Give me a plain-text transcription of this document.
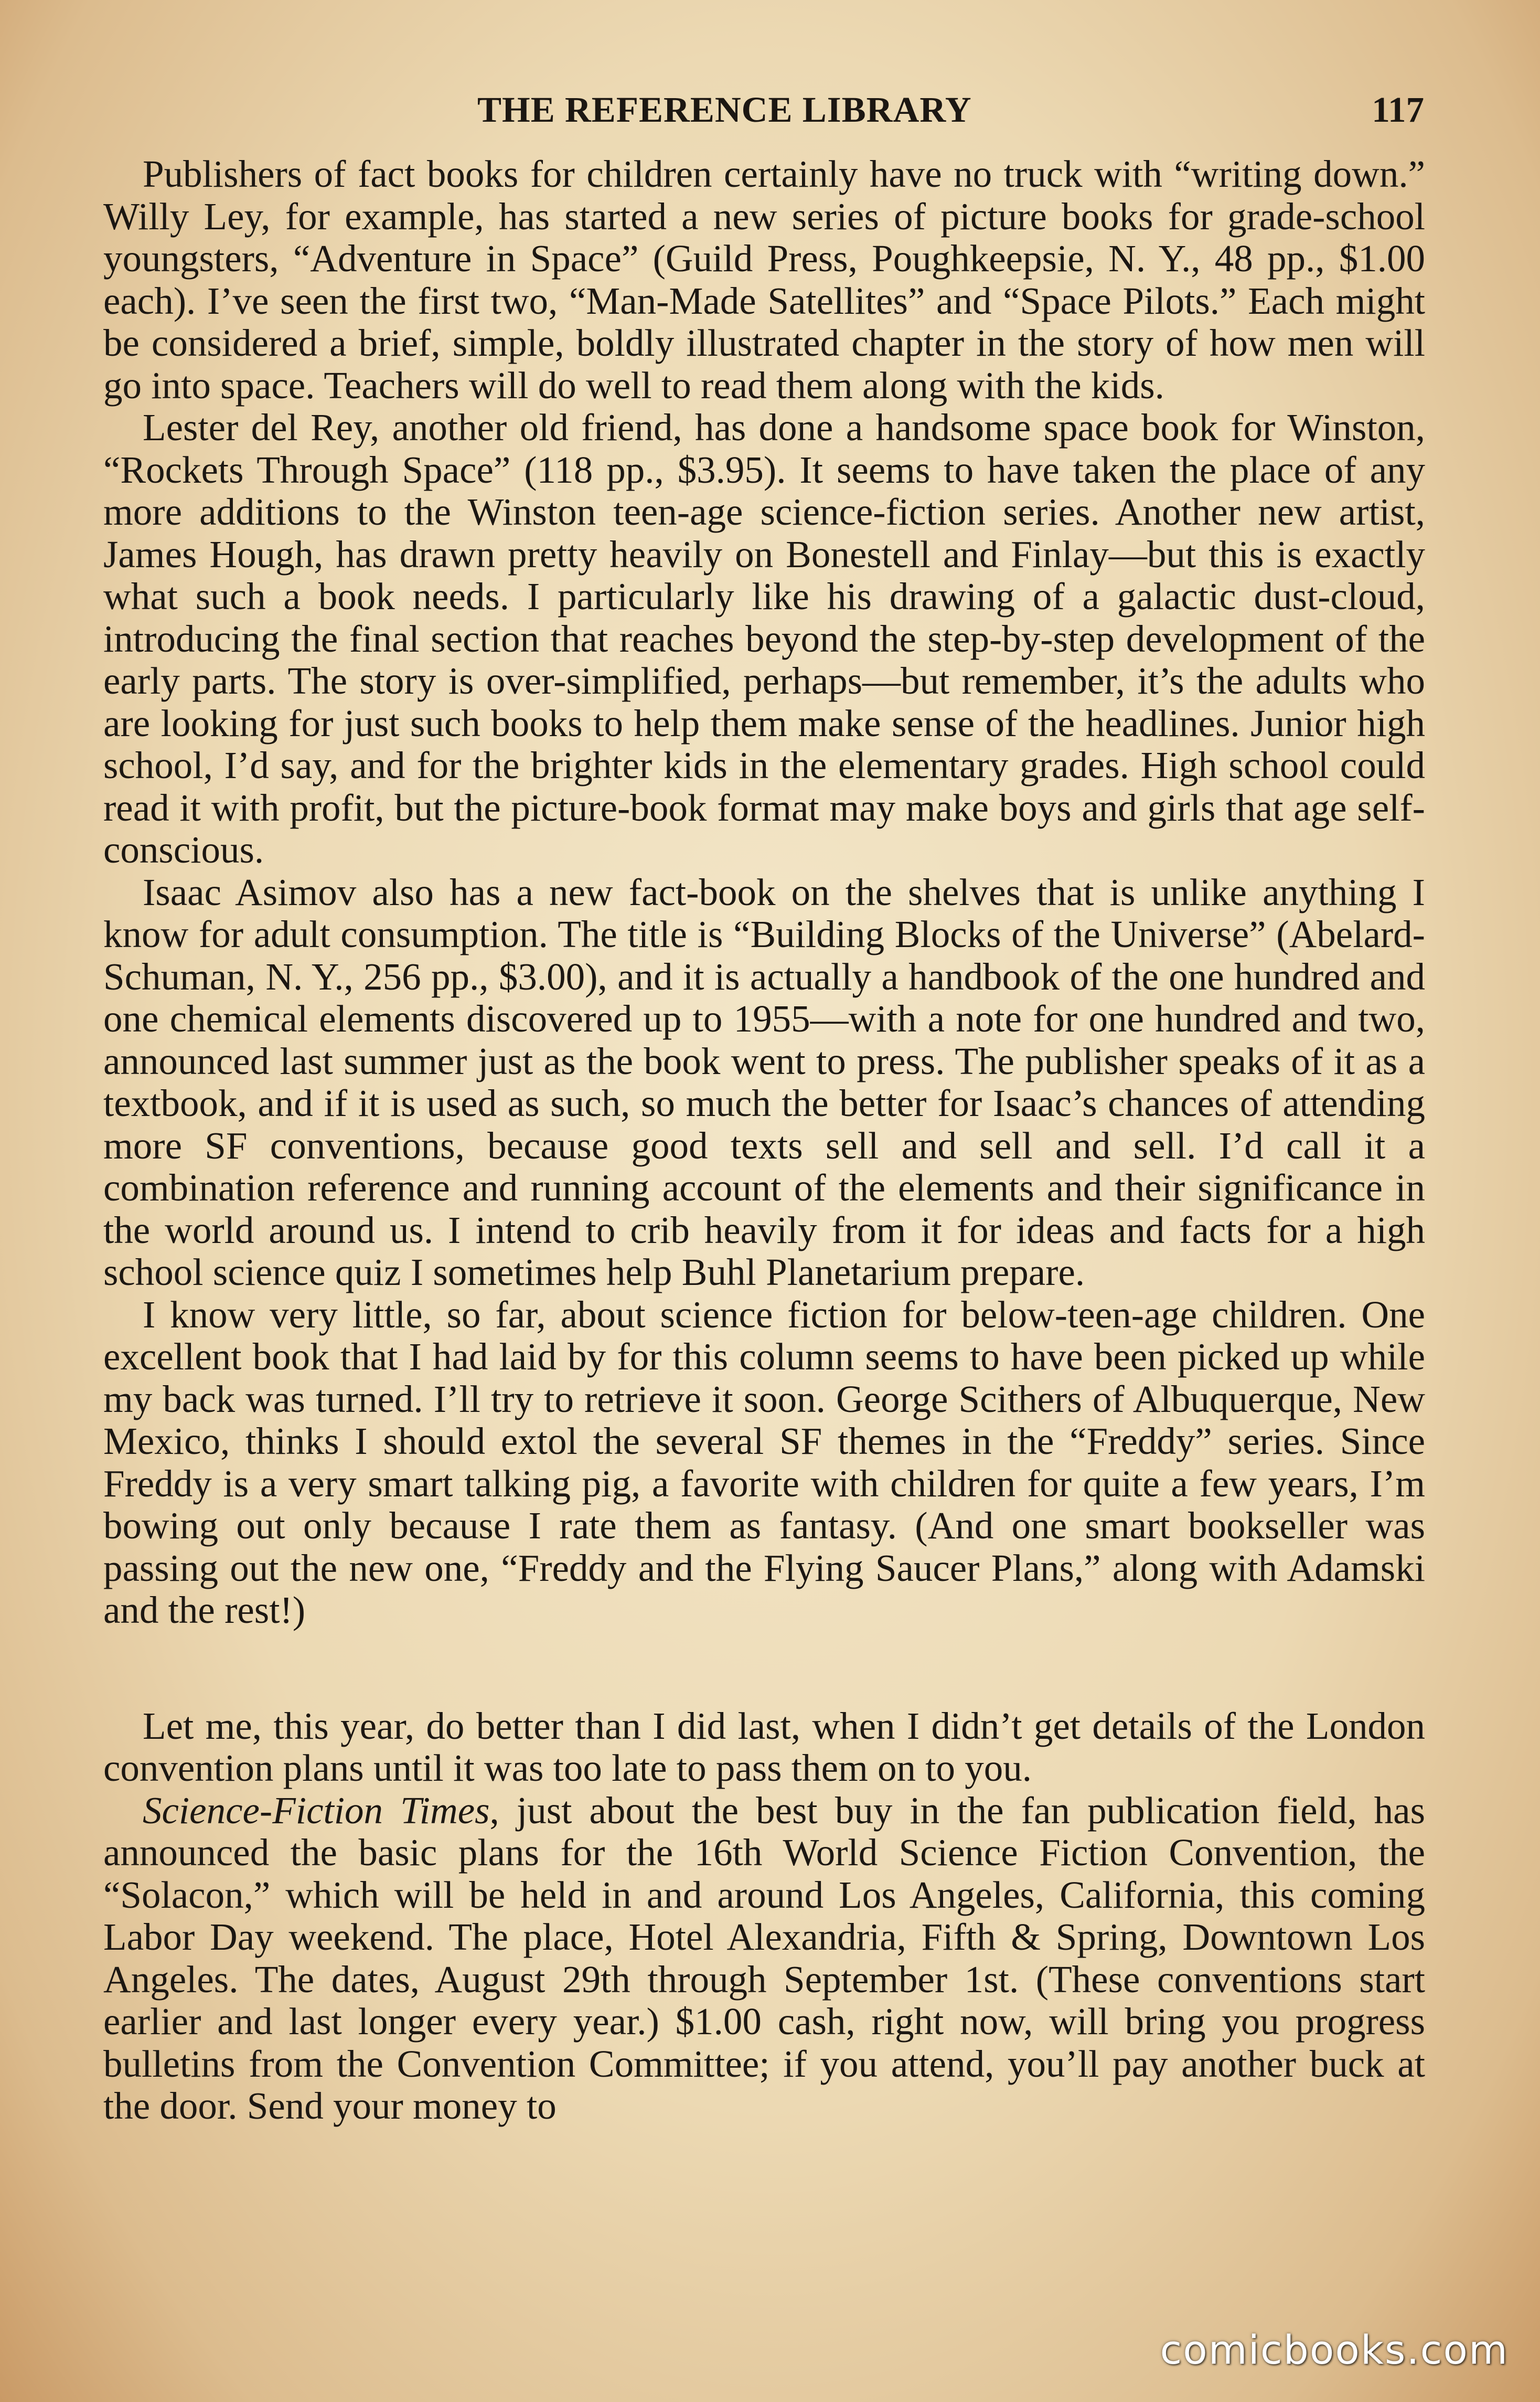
THE REFERENCE LIBRARY	117

Publishers of fact books for children certainly have no truck with “writing down.” Willy Ley, for example, has started a new series of picture books for grade-school youngsters, “Adventure in Space” (Guild Press, Poughkeepsie, N. Y., 48 pp., $1.00 each). I’ve seen the first two, “Man-Made Satellites” and “Space Pilots.” Each might be considered a brief, simple, boldly illustrated chapter in the story of how men will go into space. Teachers will do well to read them along with the kids.

Lester del Rey, another old friend, has done a handsome space book for Winston, “Rockets Through Space” (118 pp., $3.95). It seems to have taken the place of any more additions to the Winston teen-age science-fiction series. Another new artist, James Hough, has drawn pretty heavily on Bonestell and Finlay—but this is exactly what such a book needs. I particularly like his drawing of a galactic dust-cloud, introducing the final section that reaches beyond the step-by-step development of the early parts. The story is over-simplified, perhaps—but remember, it’s the adults who are looking for just such books to help them make sense of the headlines. Junior high school, I’d say, and for the brighter kids in the elementary grades. High school could read it with profit, but the picture-book format may make boys and girls that age self-conscious.

Isaac Asimov also has a new fact-book on the shelves that is unlike anything I know for adult consumption. The title is “Building Blocks of the Universe” (Abelard-Schuman, N. Y., 256 pp., $3.00), and it is actually a handbook of the one hundred and one chemical elements discovered up to 1955—with a note for one hundred and two, announced last summer just as the book went to press. The publisher speaks of it as a textbook, and if it is used as such, so much the better for Isaac’s chances of attending more SF conventions, because good texts sell and sell and sell. I’d call it a combination reference and running account of the elements and their significance in the world around us. I intend to crib heavily from it for ideas and facts for a high school science quiz I sometimes help Buhl Planetarium prepare.

I know very little, so far, about science fiction for below-teen-age children. One excellent book that I had laid by for this column seems to have been picked up while my back was turned. I’ll try to retrieve it soon. George Scithers of Albuquerque, New Mexico, thinks I should extol the several SF themes in the “Freddy” series. Since Freddy is a very smart talking pig, a favorite with children for quite a few years, I’m bowing out only because I rate them as fantasy. (And one smart bookseller was passing out the new one, “Freddy and the Flying Saucer Plans,” along with Adamski and the rest!)

Let me, this year, do better than I did last, when I didn’t get details of the London convention plans until it was too late to pass them on to you.

Science-Fiction Times, just about the best buy in the fan publication field, has announced the basic plans for the 16th World Science Fiction Convention, the “Solacon,” which will be held in and around Los Angeles, California, this coming Labor Day weekend. The place, Hotel Alexandria, Fifth & Spring, Downtown Los Angeles. The dates, August 29th through September 1st. (These conventions start earlier and last longer every year.) $1.00 cash, right now, will bring you progress bulletins from the Convention Committee; if you attend, you’ll pay another buck at the door. Send your money to

comicbooks.com
